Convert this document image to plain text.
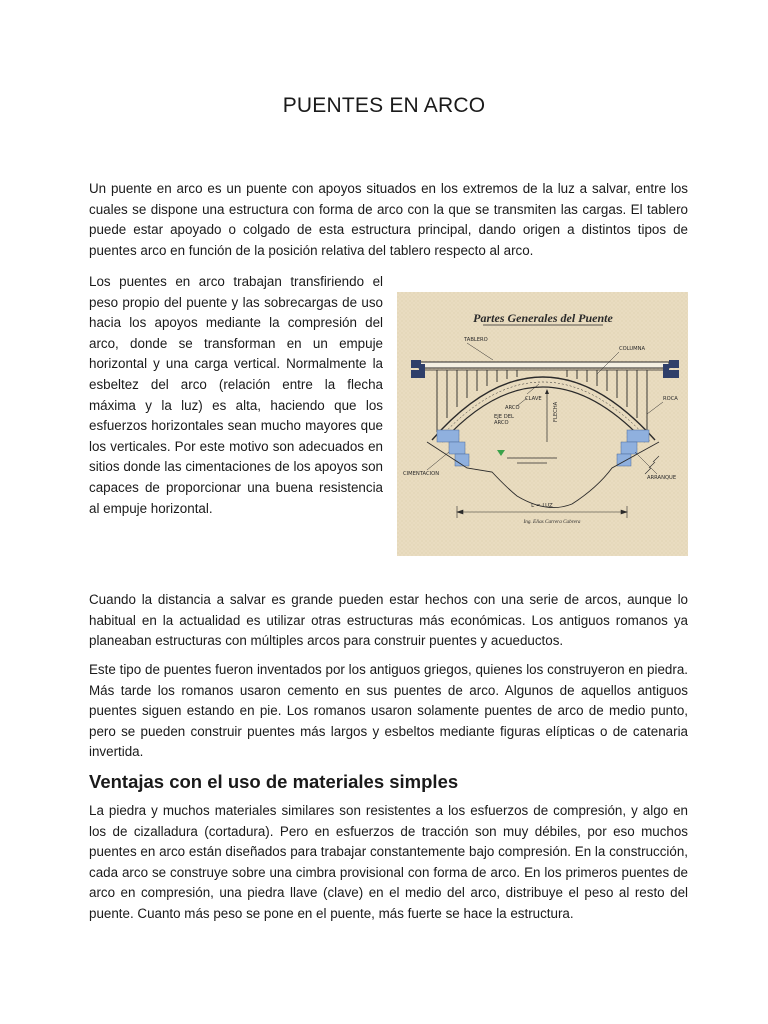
PUENTES EN ARCO

Un puente en arco es un puente con apoyos situados en los extremos de la luz a salvar, entre los cuales se dispone una estructura con forma de arco con la que se transmiten las cargas. El tablero puede estar apoyado o colgado de esta estructura principal, dando origen a distintos tipos de puentes arco en función de la posición relativa del tablero respecto al arco.

Partes Generales del Puente
TABLERO
COLUMNA
ROCA
CLAVE
ARCO
EJE DEL
ARCO
FLECHA
CIMENTACION
ARRANQUE
L = LUZ
Ing. Elias Carrera Cabrera

Los puentes en arco trabajan transfiriendo el peso propio del puente y las sobrecargas de uso hacia los apoyos mediante la compresión del arco, donde se transforman en un empuje horizontal y una carga vertical. Normalmente la esbeltez del arco (relación entre la flecha máxima y la luz) es alta, haciendo que los esfuerzos horizontales sean mucho mayores que los verticales. Por este motivo son adecuados en sitios donde las cimentaciones de los apoyos son capaces de proporcionar una buena resistencia al empuje horizontal.

Cuando la distancia a salvar es grande pueden estar hechos con una serie de arcos, aunque lo habitual en la actualidad es utilizar otras estructuras más económicas. Los antiguos romanos ya planeaban estructuras con múltiples arcos para construir puentes y acueductos.

Este tipo de puentes fueron inventados por los antiguos griegos, quienes los construyeron en piedra. Más tarde los romanos usaron cemento en sus puentes de arco. Algunos de aquellos antiguos puentes siguen estando en pie. Los romanos usaron solamente puentes de arco de medio punto, pero se pueden construir puentes más largos y esbeltos mediante figuras elípticas o de catenaria invertida.

Ventajas con el uso de materiales simples

La piedra y muchos materiales similares son resistentes a los esfuerzos de compresión, y algo en los de cizalladura (cortadura). Pero en esfuerzos de tracción son muy débiles, por eso muchos puentes en arco están diseñados para trabajar constantemente bajo compresión. En la construcción, cada arco se construye sobre una cimbra provisional con forma de arco. En los primeros puentes de arco en compresión, una piedra llave (clave) en el medio del arco, distribuye el peso al resto del puente. Cuanto más peso se pone en el puente, más fuerte se hace la estructura.
